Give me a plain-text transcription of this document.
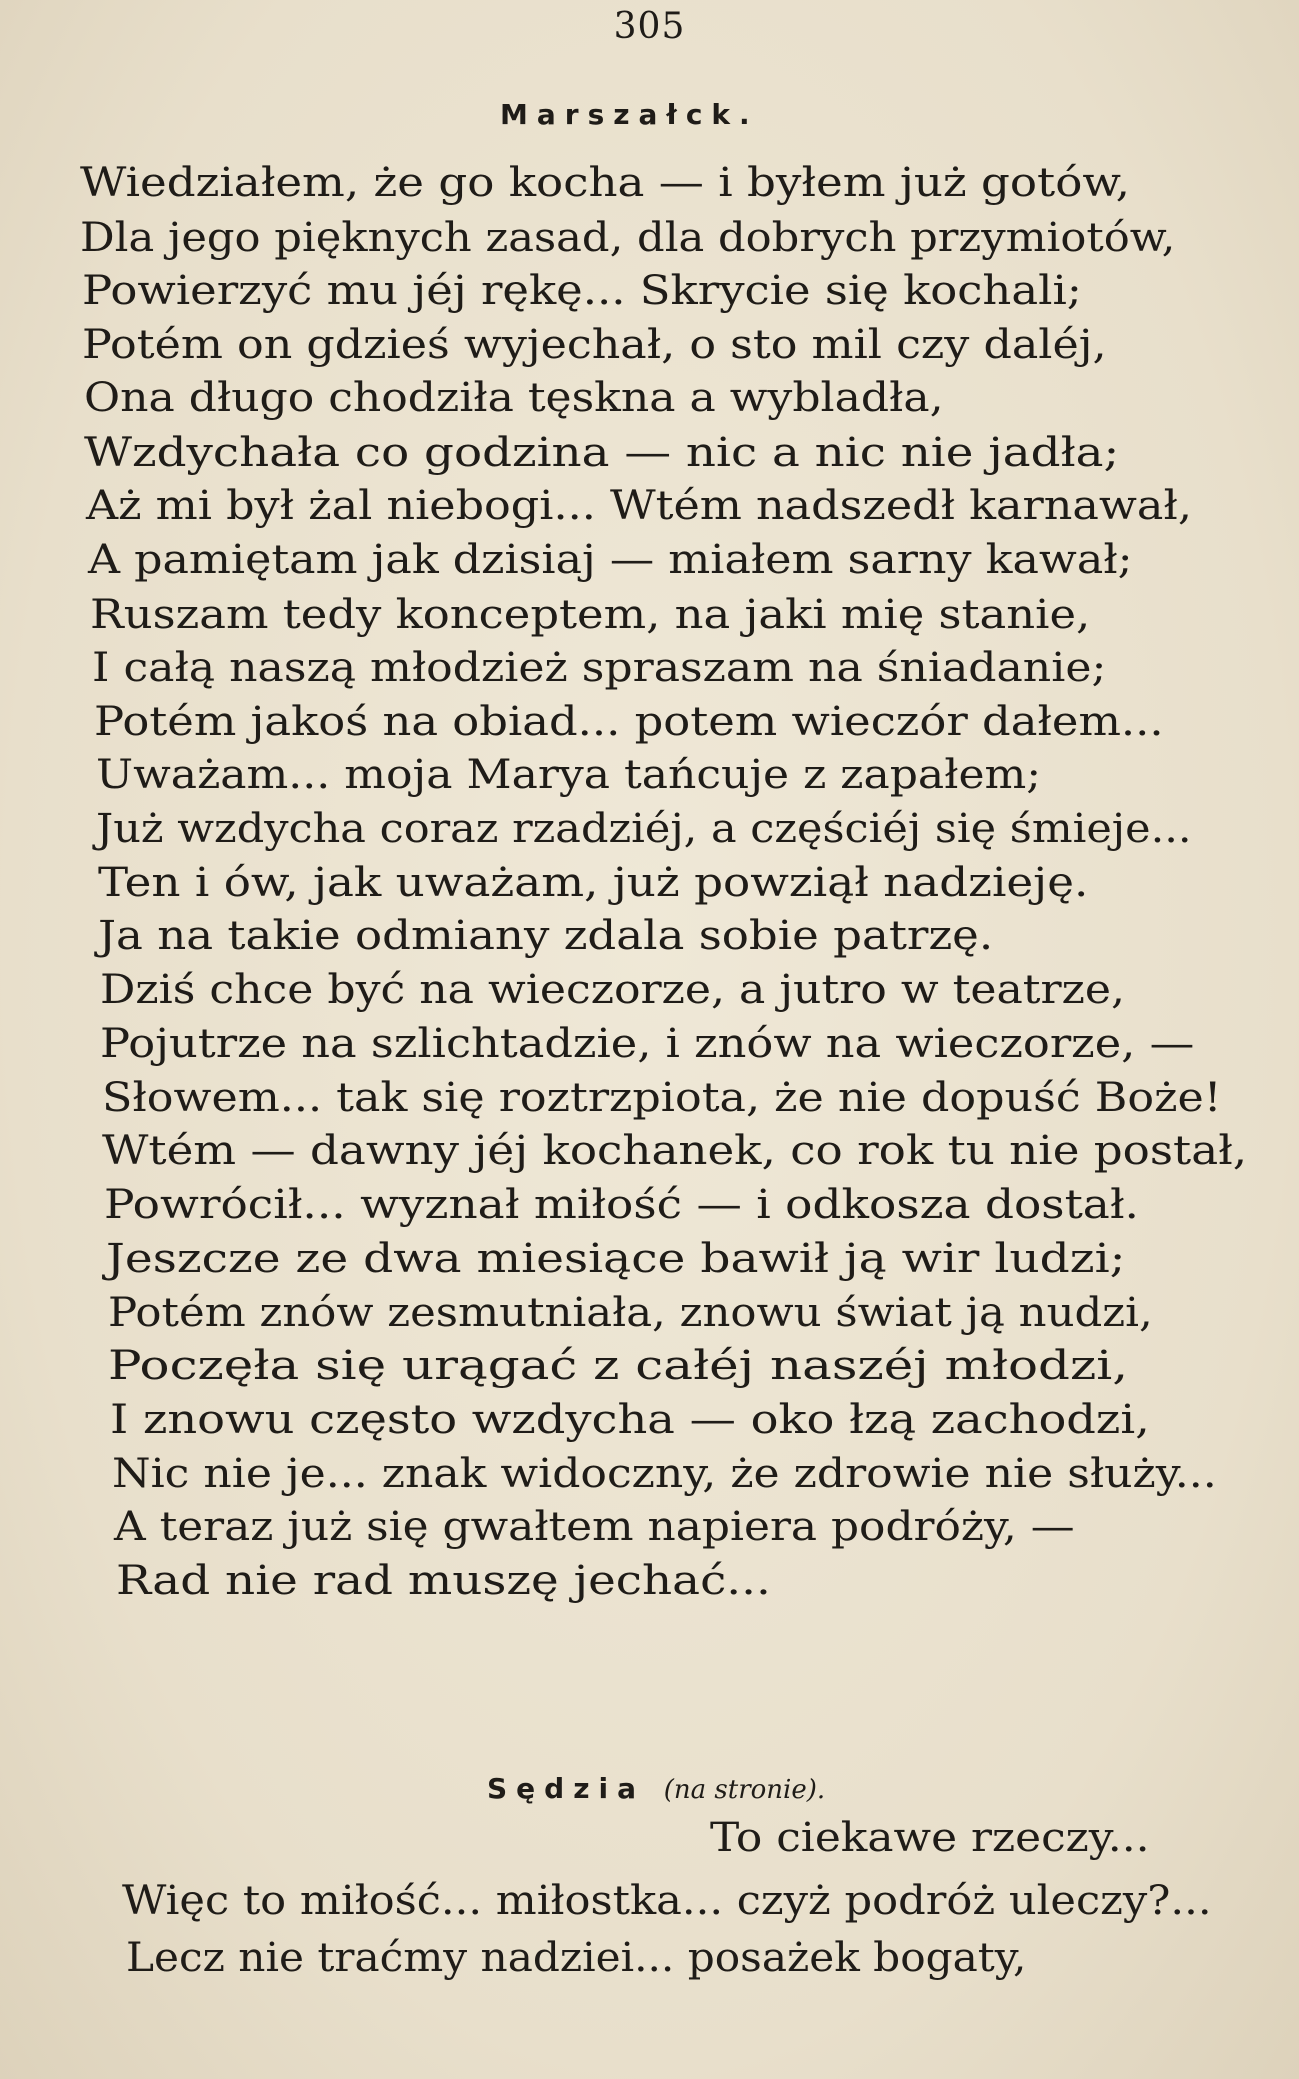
305
Marszałck.
Wiedziałem, że go kocha — i byłem już gotów,
Dla jego pięknych zasad, dla dobrych przymiotów,
Powierzyć mu jéj rękę... Skrycie się kochali;
Potém on gdzieś wyjechał, o sto mil czy daléj,
Ona długo chodziła tęskna a wybladła,
Wzdychała co godzina — nic a nic nie jadła;
Aż mi był żal niebogi... Wtém nadszedł karnawał,
A pamiętam jak dzisiaj — miałem sarny kawał;
Ruszam tedy konceptem, na jaki mię stanie,
I całą naszą młodzież spraszam na śniadanie;
Potém jakoś na obiad... potem wieczór dałem...
Uważam... moja Marya tańcuje z zapałem;
Już wzdycha coraz rzadziéj, a częściéj się śmieje...
Ten i ów, jak uważam, już powziął nadzieję.
Ja na takie odmiany zdala sobie patrzę.
Dziś chce być na wieczorze, a jutro w teatrze,
Pojutrze na szlichtadzie, i znów na wieczorze, —
Słowem... tak się roztrzpiota, że nie dopuść Boże!
Wtém — dawny jéj kochanek, co rok tu nie postał,
Powrócił... wyznał miłość — i odkosza dostał.
Jeszcze ze dwa miesiące bawił ją wir ludzi;
Potém znów zesmutniała, znowu świat ją nudzi,
Poczęła się urągać z całéj naszéj młodzi,
I znowu często wzdycha — oko łzą zachodzi,
Nic nie je... znak widoczny, że zdrowie nie służy...
A teraz już się gwałtem napiera podróży, —
Rad nie rad muszę jechać...
Sędzia (na stronie).
To ciekawe rzeczy...
Więc to miłość... miłostka... czyż podróż uleczy?...
Lecz nie traćmy nadziei... posażek bogaty,
